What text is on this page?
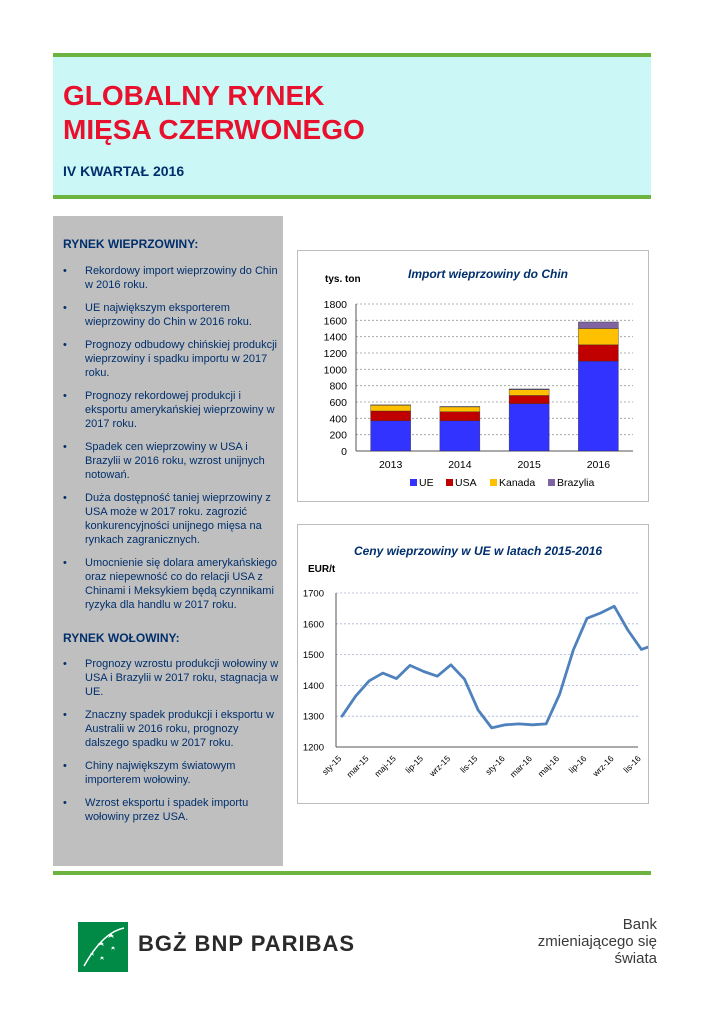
GLOBALNY RYNEK
MIĘSA CZERWONEGO
IV KWARTAŁ 2016
RYNEK WIEPRZOWINY:
• Rekordowy import wieprzowiny do Chin w 2016 roku.
• UE największym eksporterem wieprzowiny do Chin w 2016 roku.
• Prognozy odbudowy chińskiej produkcji wieprzowiny i spadku importu w 2017 roku.
• Prognozy rekordowej produkcji i eksportu amerykańskiej wieprzowiny w 2017 roku.
• Spadek cen wieprzowiny w USA i Brazylii w 2016 roku, wzrost unijnych notowań.
• Duża dostępność taniej wieprzowiny z USA może w 2017 roku. zagrozić konkurencyjności unijnego mięsa na rynkach zagranicznych.
• Umocnienie się dolara amerykańskiego oraz niepewność co do relacji USA z Chinami i Meksykiem będą czynnikami ryzyka dla handlu w 2017 roku.
RYNEK WOŁOWINY:
• Prognozy wzrostu produkcji wołowiny w USA i Brazylii w 2017 roku, stagnacja w UE.
• Znaczny spadek produkcji i eksportu w Australii w 2016 roku, prognozy dalszego spadku w 2017 roku.
• Chiny największym światowym importerem wołowiny.
• Wzrost eksportu i spadek importu wołowiny przez USA.
Import wieprzowiny do Chin
tys. ton
0
200
400
600
800
1000
1200
1400
1600
1800
2013	2014	2015	2016
UE USA Kanada Brazylia
Ceny wieprzowiny w UE w latach 2015-2016
EUR/t
1200
1300
1400
1500
1600
1700
sty-15 mar-15 maj-15 lip-15 wrz-15 lis-15 sty-16 mar-16 maj-16 lip-16 wrz-16 lis-16
BGŻ BNP PARIBAS
Bank
zmieniającego się
świata
